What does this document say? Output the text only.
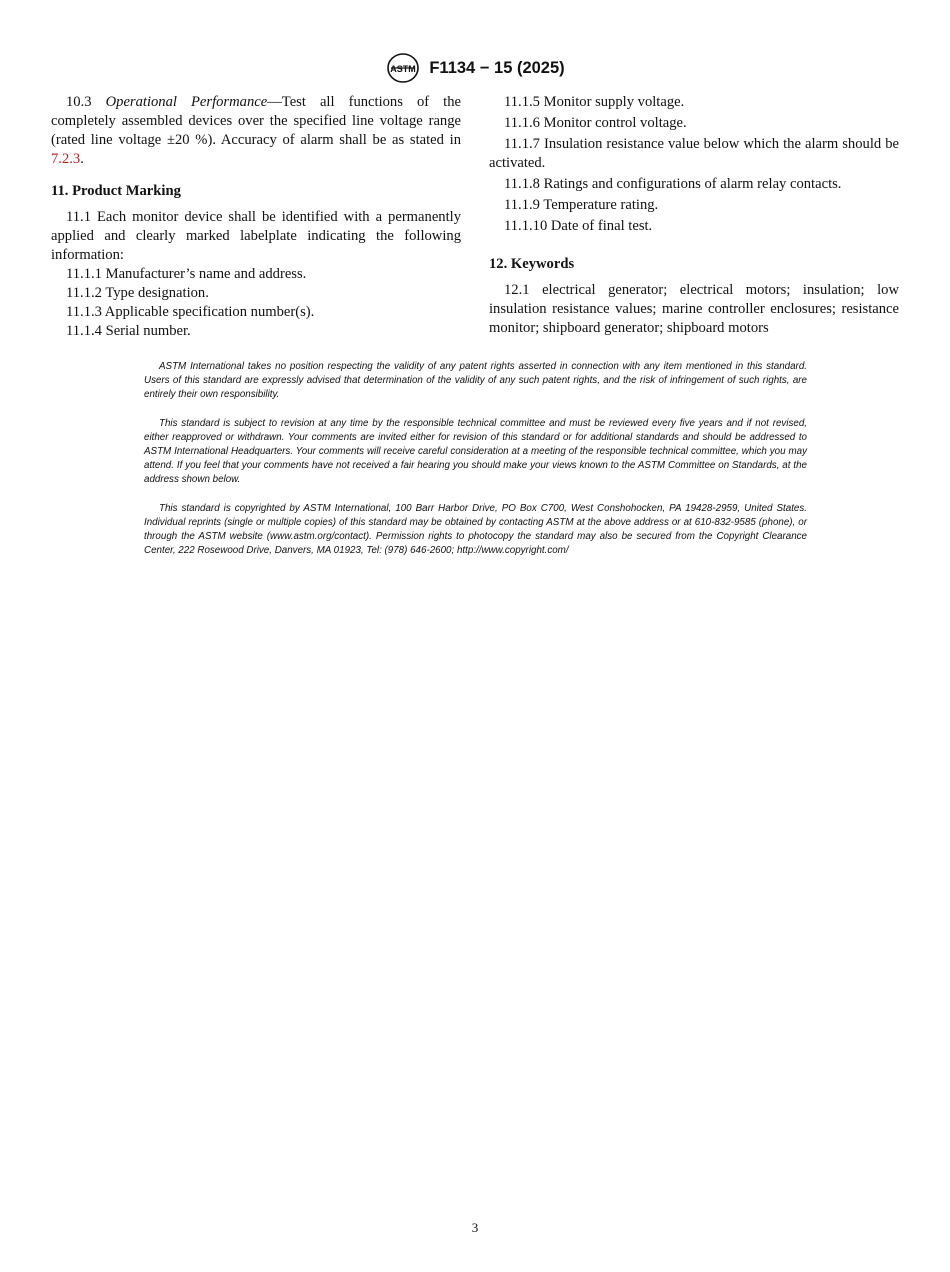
ASTM F1134 − 15 (2025)

10.3 Operational Performance—Test all functions of the completely assembled devices over the specified line voltage range (rated line voltage ±20 %). Accuracy of alarm shall be as stated in 7.2.3.

11. Product Marking

11.1 Each monitor device shall be identified with a permanently applied and clearly marked labelplate indicating the following information:

11.1.1 Manufacturer’s name and address.

11.1.2 Type designation.

11.1.3 Applicable specification number(s).

11.1.4 Serial number.

11.1.5 Monitor supply voltage.

11.1.6 Monitor control voltage.

11.1.7 Insulation resistance value below which the alarm should be activated.

11.1.8 Ratings and configurations of alarm relay contacts.

11.1.9 Temperature rating.

11.1.10 Date of final test.

12. Keywords

12.1 electrical generator; electrical motors; insulation; low insulation resistance values; marine controller enclosures; resistance monitor; shipboard generator; shipboard motors

ASTM International takes no position respecting the validity of any patent rights asserted in connection with any item mentioned in this standard. Users of this standard are expressly advised that determination of the validity of any such patent rights, and the risk of infringement of such rights, are entirely their own responsibility.

This standard is subject to revision at any time by the responsible technical committee and must be reviewed every five years and if not revised, either reapproved or withdrawn. Your comments are invited either for revision of this standard or for additional standards and should be addressed to ASTM International Headquarters. Your comments will receive careful consideration at a meeting of the responsible technical committee, which you may attend. If you feel that your comments have not received a fair hearing you should make your views known to the ASTM Committee on Standards, at the address shown below.

This standard is copyrighted by ASTM International, 100 Barr Harbor Drive, PO Box C700, West Conshohocken, PA 19428-2959, United States. Individual reprints (single or multiple copies) of this standard may be obtained by contacting ASTM at the above address or at 610-832-9585 (phone), or through the ASTM website (www.astm.org/contact). Permission rights to photocopy the standard may also be secured from the Copyright Clearance Center, 222 Rosewood Drive, Danvers, MA 01923, Tel: (978) 646-2600; http://www.copyright.com/

3
